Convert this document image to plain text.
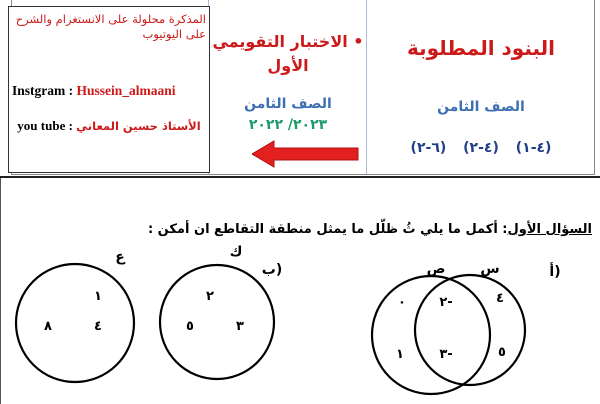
البنود المطلوبة
الصف الثامن
(٦-٢) (٤-٢) (٤-١)
• الاختبار التقويمي الأول
الصف الثامن
٢٠٢٣/ ٢٠٢٢
المذكرة محلولة على الانستغرام والشرح على اليوتيوب
Instgram : Hussein_almaani
you tube : الأستاذ حسين المعاني
السؤال الأول: أكمل ما يلي ثُ ظلّل ما يمثل منطقة التقاطع ان أمكن :
ع	ك
ب)
١
٨	٤
٢
٥	٣
ص س	أ)
٠
١
٢-
٣-
٤
٥
